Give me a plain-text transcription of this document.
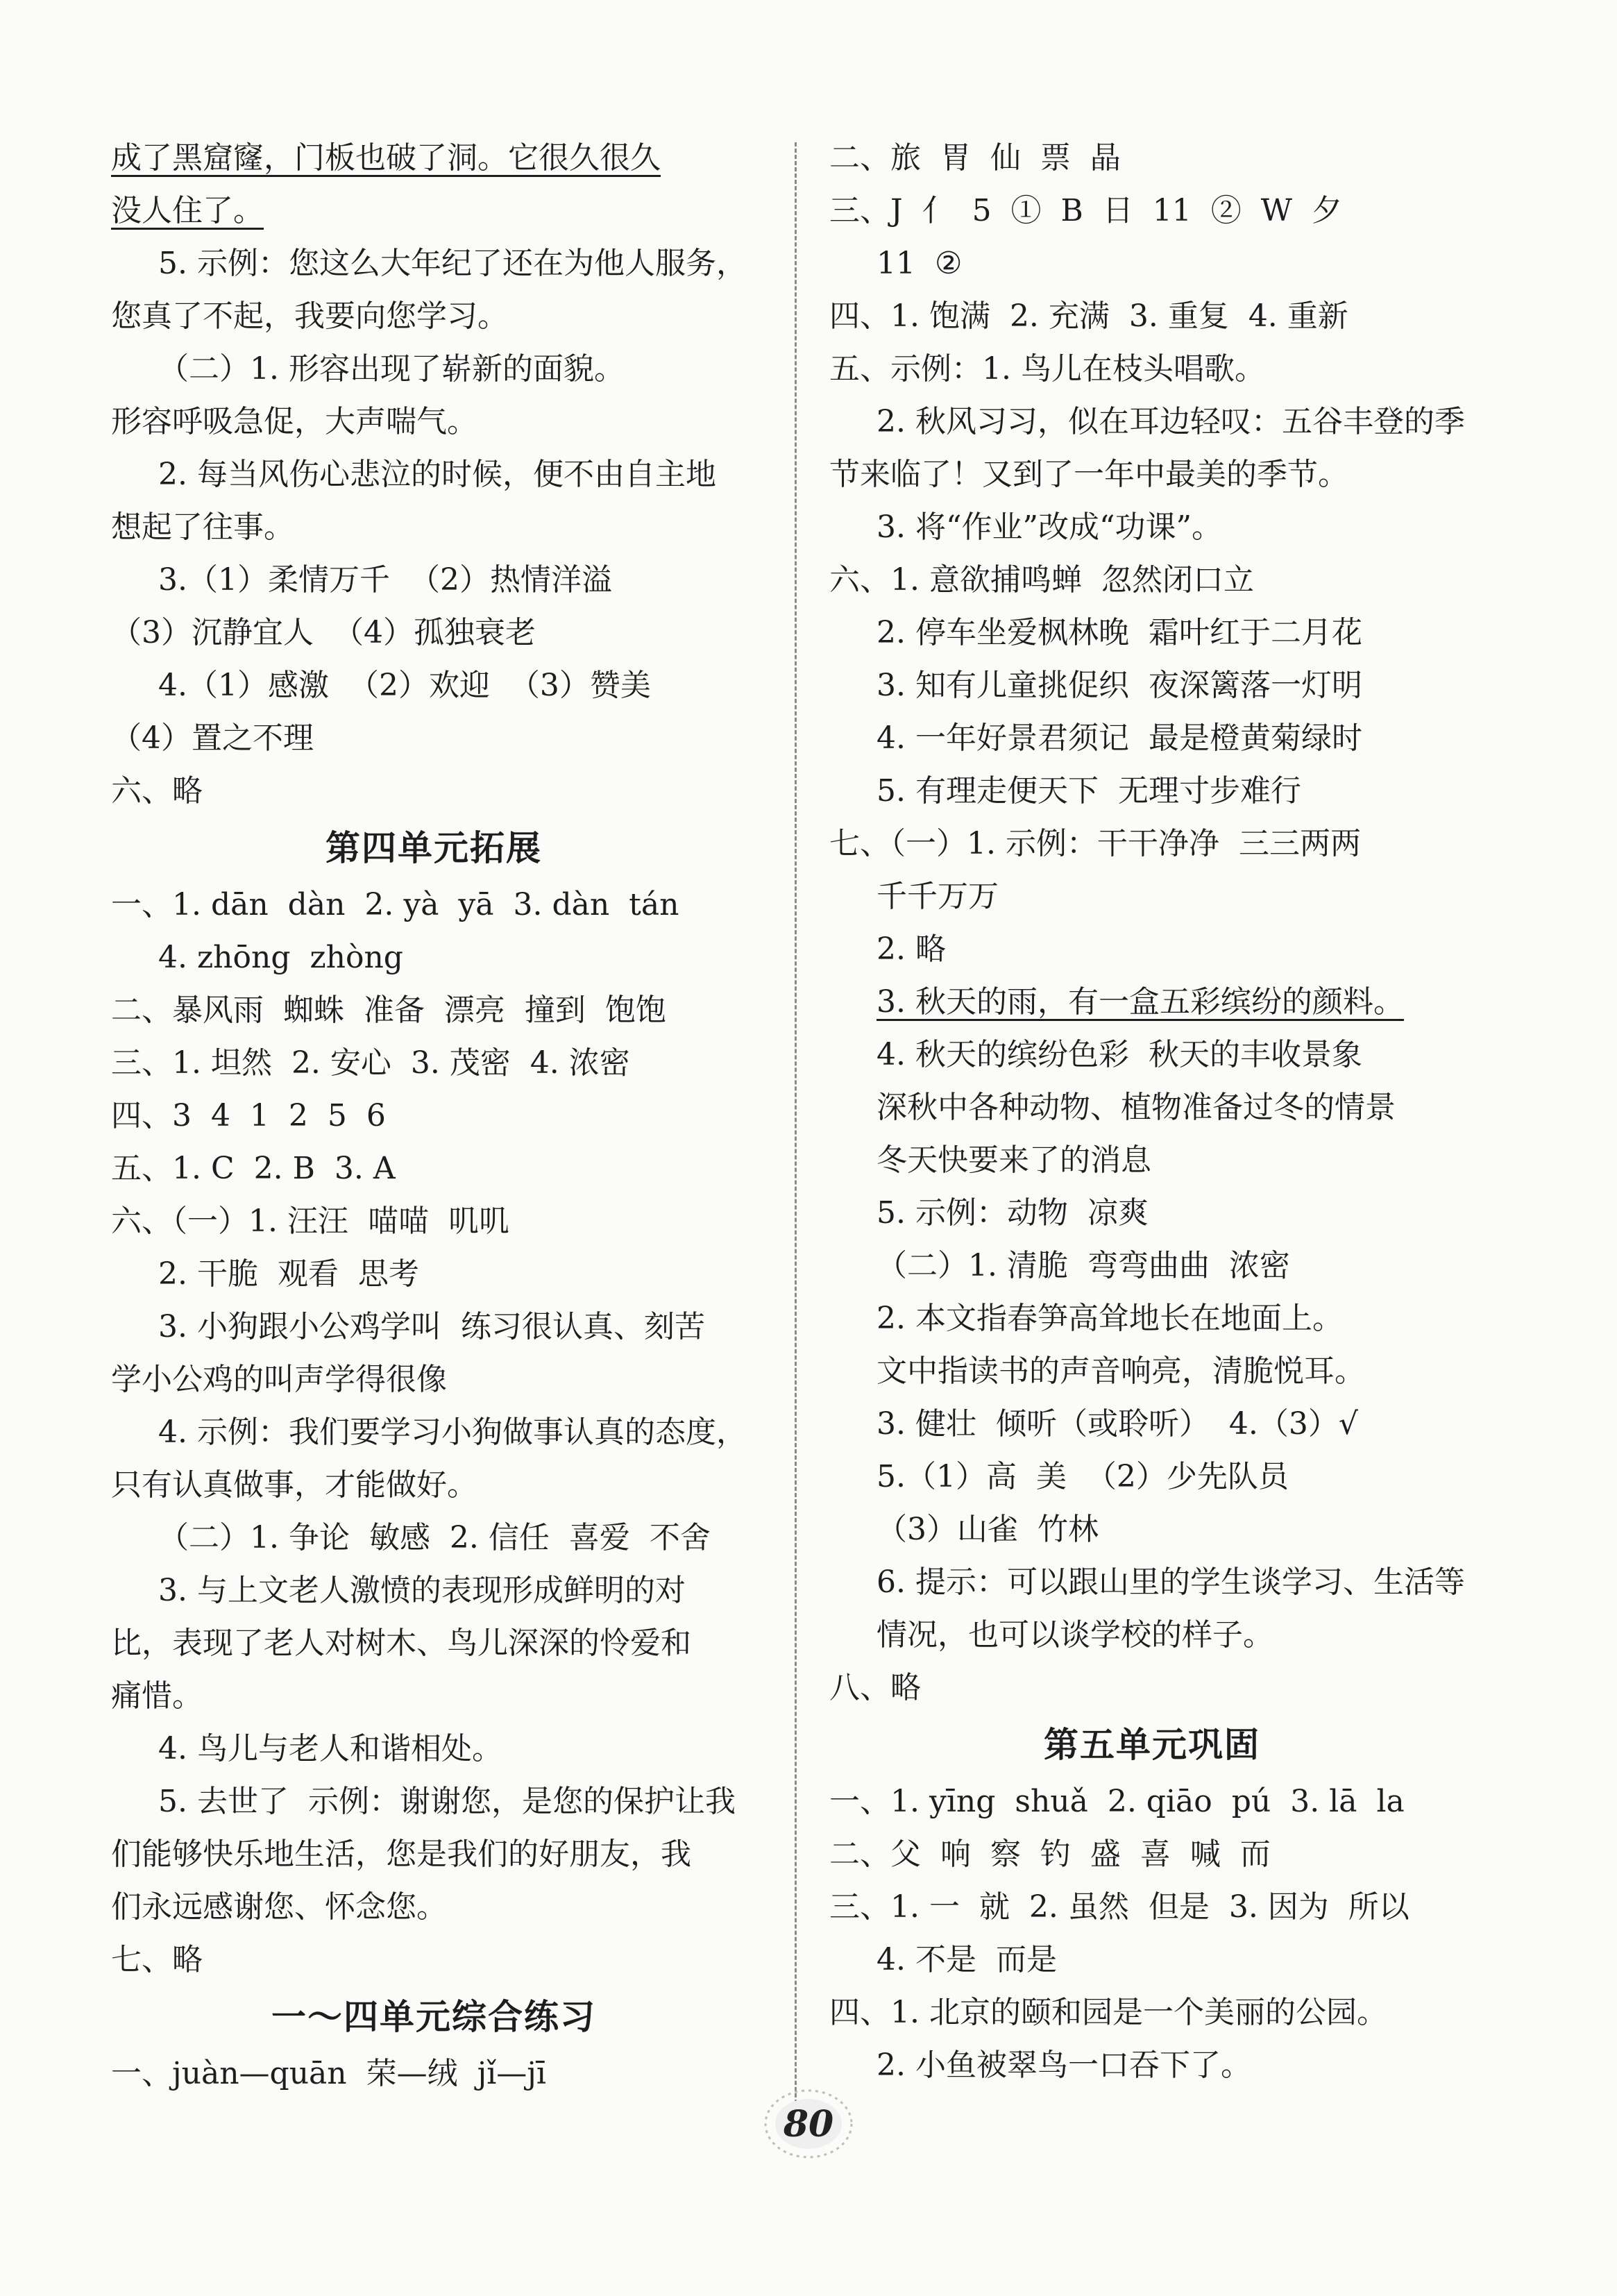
成了黑窟窿，门板也破了洞。它很久很久
没人住了。
5. 示例：您这么大年纪了还在为他人服务，
您真了不起，我要向您学习。
（二）1. 形容出现了崭新的面貌。
形容呼吸急促，大声喘气。
2. 每当风伤心悲泣的时候，便不由自主地
想起了往事。
3.（1）柔情万千  （2）热情洋溢
（3）沉静宜人  （4）孤独衰老
4.（1）感激  （2）欢迎  （3）赞美
（4）置之不理
六、略
第四单元拓展
一、1. dān  dàn  2. yà  yā  3. dàn  tán
4. zhōng  zhòng
二、暴风雨  蜘蛛  准备  漂亮  撞到  饱饱
三、1. 坦然  2. 安心  3. 茂密  4. 浓密
四、3  4  1  2  5  6
五、1. C  2. B  3. A
六、（一）1. 汪汪  喵喵  叽叽
2. 干脆  观看  思考
3. 小狗跟小公鸡学叫  练习很认真、刻苦
学小公鸡的叫声学得很像
4. 示例：我们要学习小狗做事认真的态度，
只有认真做事，才能做好。
（二）1. 争论  敏感  2. 信任  喜爱  不舍
3. 与上文老人激愤的表现形成鲜明的对
比，表现了老人对树木、鸟儿深深的怜爱和
痛惜。
4. 鸟儿与老人和谐相处。
5. 去世了  示例：谢谢您，是您的保护让我
们能够快乐地生活，您是我们的好朋友，我
们永远感谢您、怀念您。
七、略
一～四单元综合练习
一、juàn—quān  荣—绒  jǐ—jī
二、旅  胃  仙  票  晶
三、J  亻  5  ①  B  日  11  ②  W  夕
11  ②
四、1. 饱满  2. 充满  3. 重复  4. 重新
五、示例：1. 鸟儿在枝头唱歌。
2. 秋风习习，似在耳边轻叹：五谷丰登的季
节来临了！又到了一年中最美的季节。
3. 将“作业”改成“功课”。
六、1. 意欲捕鸣蝉  忽然闭口立
2. 停车坐爱枫林晚  霜叶红于二月花
3. 知有儿童挑促织  夜深篱落一灯明
4. 一年好景君须记  最是橙黄菊绿时
5. 有理走便天下  无理寸步难行
七、（一）1. 示例：干干净净  三三两两
千千万万
2. 略
3. 秋天的雨，有一盒五彩缤纷的颜料。
4. 秋天的缤纷色彩  秋天的丰收景象
深秋中各种动物、植物准备过冬的情景
冬天快要来了的消息
5. 示例：动物  凉爽
（二）1. 清脆  弯弯曲曲  浓密
2. 本文指春笋高耸地长在地面上。
文中指读书的声音响亮，清脆悦耳。
3. 健壮  倾听（或聆听）  4.（3）√
5.（1）高  美  （2）少先队员
（3）山雀  竹林
6. 提示：可以跟山里的学生谈学习、生活等
情况，也可以谈学校的样子。
八、略
第五单元巩固
一、1. yīng  shuǎ  2. qiāo  pú  3. lā  la
二、父  响  察  钓  盛  喜  喊  而
三、1. 一  就  2. 虽然  但是  3. 因为  所以
4. 不是  而是
四、1. 北京的颐和园是一个美丽的公园。
2. 小鱼被翠鸟一口吞下了。
80
